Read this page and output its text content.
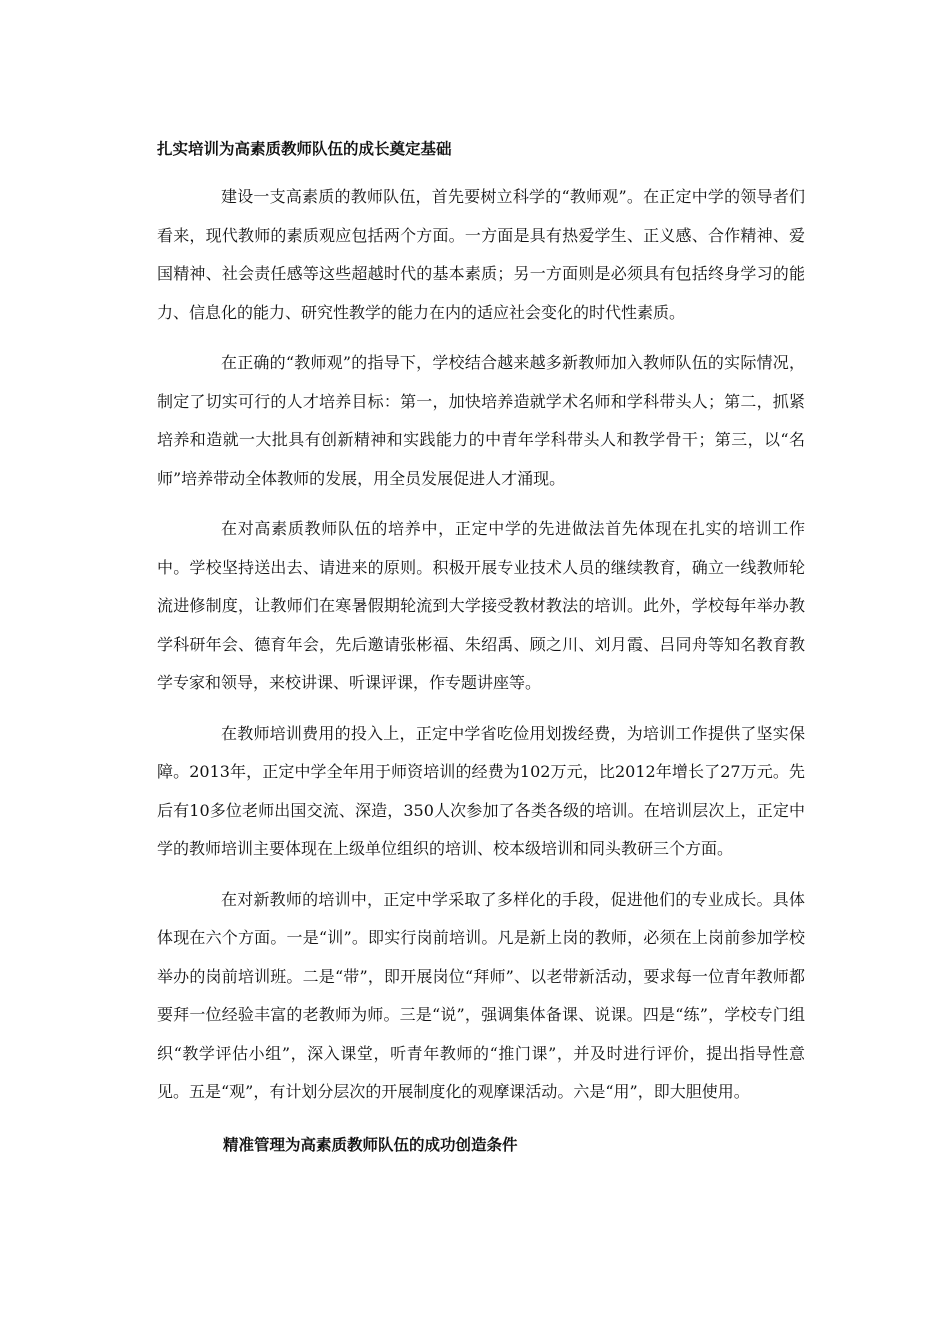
扎实培训为高素质教师队伍的成长奠定基础

建设一支高素质的教师队伍，首先要树立科学的“教师观”。在正定中学的领导者们看来，现代教师的素质观应包括两个方面。一方面是具有热爱学生、正义感、合作精神、爱国精神、社会责任感等这些超越时代的基本素质；另一方面则是必须具有包括终身学习的能力、信息化的能力、研究性教学的能力在内的适应社会变化的时代性素质。

在正确的“教师观”的指导下，学校结合越来越多新教师加入教师队伍的实际情况，制定了切实可行的人才培养目标：第一，加快培养造就学术名师和学科带头人；第二，抓紧培养和造就一大批具有创新精神和实践能力的中青年学科带头人和教学骨干；第三，以“名师”培养带动全体教师的发展，用全员发展促进人才涌现。

在对高素质教师队伍的培养中，正定中学的先进做法首先体现在扎实的培训工作中。学校坚持送出去、请进来的原则。积极开展专业技术人员的继续教育，确立一线教师轮流进修制度，让教师们在寒暑假期轮流到大学接受教材教法的培训。此外，学校每年举办教学科研年会、德育年会，先后邀请张彬福、朱绍禹、顾之川、刘月霞、吕同舟等知名教育教学专家和领导，来校讲课、听课评课，作专题讲座等。

在教师培训费用的投入上，正定中学省吃俭用划拨经费，为培训工作提供了坚实保障。2013年，正定中学全年用于师资培训的经费为102万元，比2012年增长了27万元。先后有10多位老师出国交流、深造，350人次参加了各类各级的培训。在培训层次上，正定中学的教师培训主要体现在上级单位组织的培训、校本级培训和同头教研三个方面。

在对新教师的培训中，正定中学采取了多样化的手段，促进他们的专业成长。具体体现在六个方面。一是“训”。即实行岗前培训。凡是新上岗的教师，必须在上岗前参加学校举办的岗前培训班。二是“带”，即开展岗位“拜师”、以老带新活动，要求每一位青年教师都要拜一位经验丰富的老教师为师。三是“说”，强调集体备课、说课。四是“练”，学校专门组织“教学评估小组”，深入课堂，听青年教师的“推门课”，并及时进行评价，提出指导性意见。五是“观”，有计划分层次的开展制度化的观摩课活动。六是“用”，即大胆使用。

精准管理为高素质教师队伍的成功创造条件
